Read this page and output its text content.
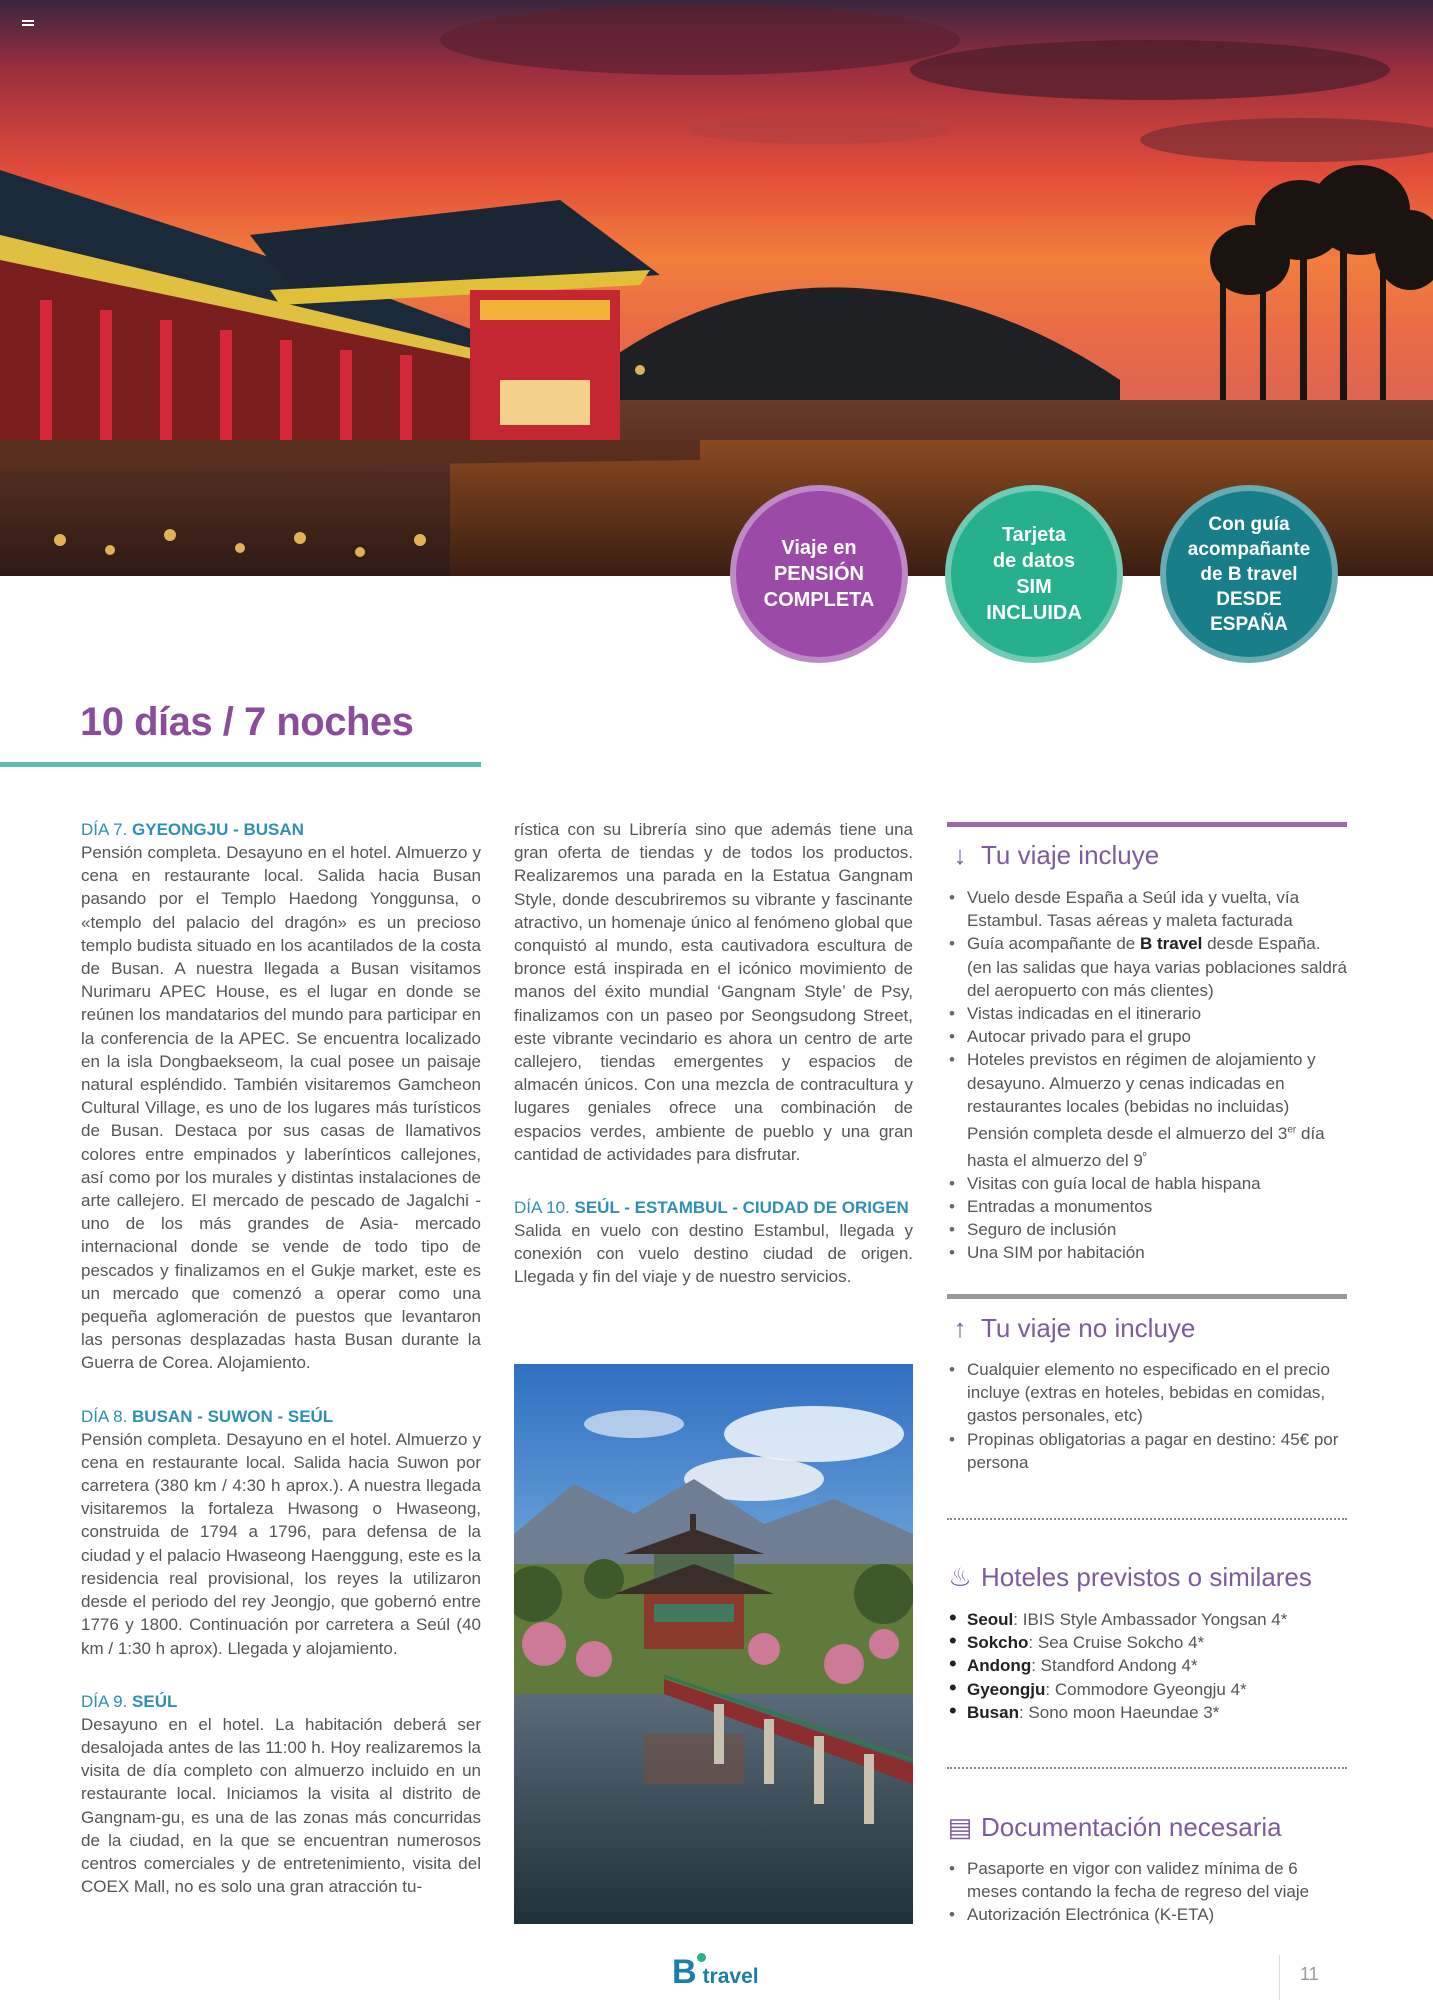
Viaje en
PENSIÓN
COMPLETA
Tarjeta
de datos
SIM
INCLUIDA
Con guía
acompañante
de B travel
DESDE
ESPAÑA
10 días / 7 noches
DÍA 7. GYEONGJU - BUSAN

Pensión completa. Desayuno en el hotel. Almuerzo y cena en restaurante local. Salida hacia Busan pasando por el Templo Haedong Yonggunsa, o «templo del palacio del dragón» es un precioso templo budista situado en los acantilados de la costa de Busan. A nuestra llegada a Busan visitamos Nurimaru APEC House, es el lugar en donde se reúnen los mandatarios del mundo para participar en la conferencia de la APEC. Se encuentra localizado en la isla Dongbaekseom, la cual posee un paisaje natural espléndido. También visitaremos Gamcheon Cultural Village, es uno de los lugares más turísticos de Busan. Destaca por sus casas de llamativos colores entre empinados y laberínticos callejones, así como por los murales y distintas instalaciones de arte callejero. El mercado de pescado de Jagalchi -uno de los más grandes de Asia- mercado internacional donde se vende de todo tipo de pescados y finalizamos en el Gukje market, este es un mercado que comenzó a operar como una pequeña aglomeración de puestos que levantaron las personas desplazadas hasta Busan durante la Guerra de Corea. Alojamiento.

DÍA 8. BUSAN - SUWON - SEÚL

Pensión completa. Desayuno en el hotel. Almuerzo y cena en restaurante local. Salida hacia Suwon por carretera (380 km / 4:30 h aprox.). A nuestra llegada visitaremos la fortaleza Hwasong o Hwaseong, construida de 1794 a 1796, para defensa de la ciudad y el palacio Hwaseong Haenggung, este es la residencia real provisional, los reyes la utilizaron desde el periodo del rey Jeongjo, que gobernó entre 1776 y 1800. Continuación por carretera a Seúl (40 km / 1:30 h aprox). Llegada y alojamiento.

DÍA 9. SEÚL

Desayuno en el hotel. La habitación deberá ser desalojada antes de las 11:00 h. Hoy realizaremos la visita de día completo con almuerzo incluido en un restaurante local. Iniciamos la visita al distrito de Gangnam-gu, es una de las zonas más concurridas de la ciudad, en la que se encuentran numerosos centros comerciales y de entretenimiento, visita del COEX Mall, no es solo una gran atracción tu-

rística con su Librería sino que además tiene una gran oferta de tiendas y de todos los productos. Realizaremos una parada en la Estatua Gangnam Style, donde descubriremos su vibrante y fascinante atractivo, un homenaje único al fenómeno global que conquistó al mundo, esta cautivadora escultura de bronce está inspirada en el icónico movimiento de manos del éxito mundial ‘Gangnam Style’ de Psy, finalizamos con un paseo por Seongsudong Street, este vibrante vecindario es ahora un centro de arte callejero, tiendas emergentes y espacios de almacén únicos. Con una mezcla de contracultura y lugares geniales ofrece una combinación de espacios verdes, ambiente de pueblo y una gran cantidad de actividades para disfrutar.

DÍA 10. SEÚL - ESTAMBUL - CIUDAD DE ORIGEN

Salida en vuelo con destino Estambul, llegada y conexión con vuelo destino ciudad de origen. Llegada y fin del viaje y de nuestro servicios.

↓ Tu viaje incluye
• Vuelo desde España a Seúl ida y vuelta, vía Estambul. Tasas aéreas y maleta facturada
• Guía acompañante de B travel desde España. (en las salidas que haya varias poblaciones saldrá del aeropuerto con más clientes)
• Vistas indicadas en el itinerario
• Autocar privado para el grupo
• Hoteles previstos en régimen de alojamiento y desayuno. Almuerzo y cenas indicadas en restaurantes locales (bebidas no incluidas) Pensión completa desde el almuerzo del 3er día hasta el almuerzo del $9^º$
• Visitas con guía local de habla hispana
• Entradas a monumentos
• Seguro de inclusión
• Una SIM por habitación
↑ Tu viaje no incluye
• Cualquier elemento no especificado en el precio incluye (extras en hoteles, bebidas en comidas, gastos personales, etc)
• Propinas obligatorias a pagar en destino: 45€ por persona
♨ Hoteles previstos o similares
• Seoul: IBIS Style Ambassador Yongsan 4*
• Sokcho: Sea Cruise Sokcho 4*
• Andong: Standford Andong 4*
• Gyeongju: Commodore Gyeongju 4*
• Busan: Sono moon Haeundae 3*
▤ Documentación necesaria
• Pasaporte en vigor con validez mínima de 6 meses contando la fecha de regreso del viaje
• Autorización Electrónica (K-ETA)
B travel	11
